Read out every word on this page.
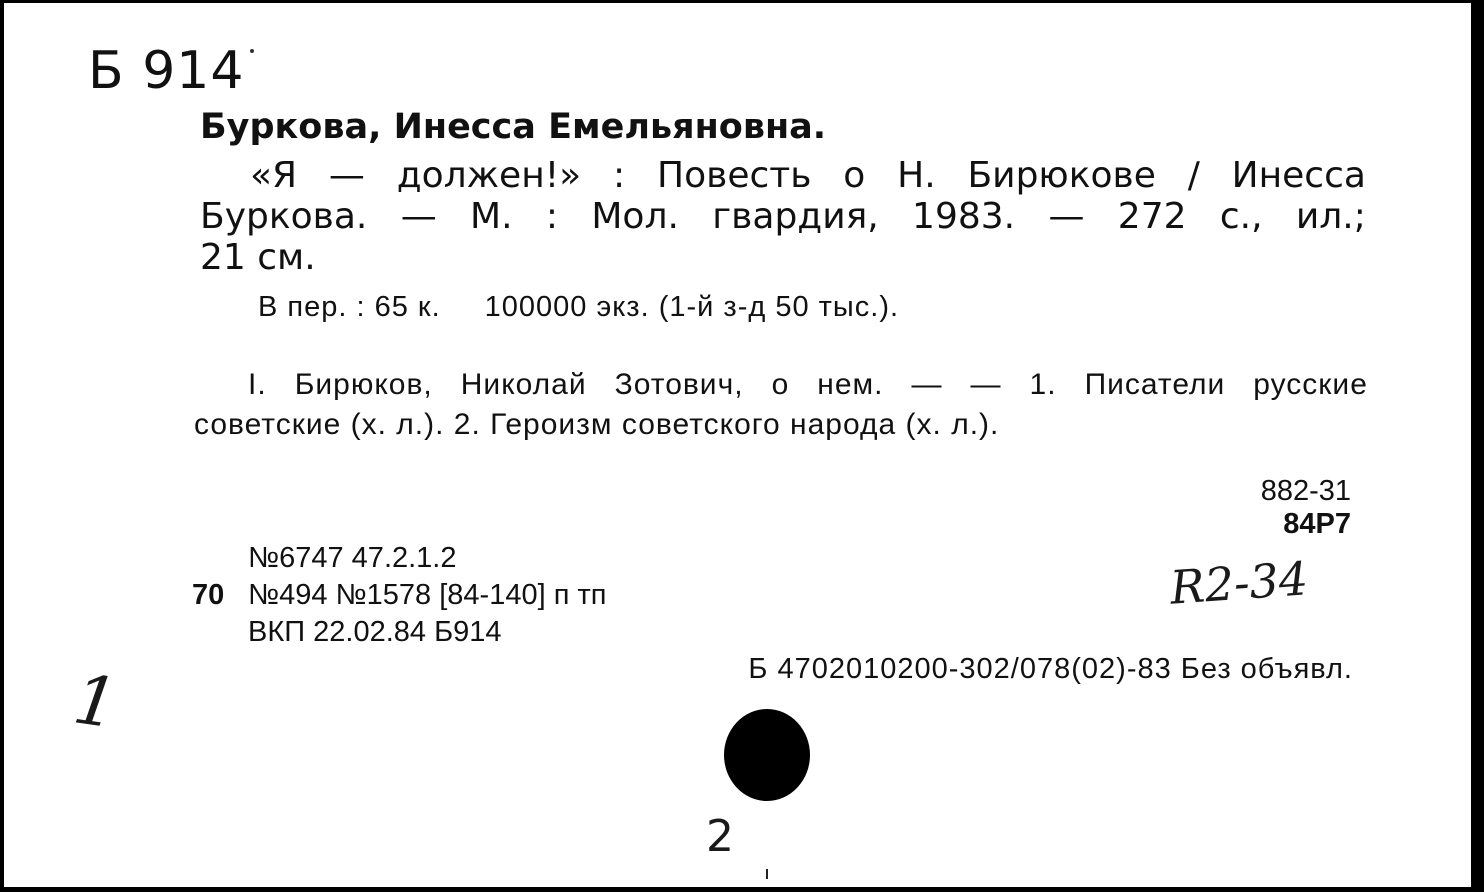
Б 914
Буркова, Инесса Емельяновна.
«Я — должен!» : Повесть о Н. Бирюкове / Инесса
Буркова. — М. : Мол. гвардия, 1983. — 272 с., ил.;
21 см.
В пер. : 65 к. 100000 экз. (1-й з-д 50 тыс.).
I. Бирюков, Николай Зотович, о нем. — — 1. Писатели русские
советские (х. л.). 2. Героизм советского народа (х. л.).
882-31
84Р7
№6747 47.2.1.2
70 №494 №1578 [84-140] п тп
ВКП 22.02.84 Б914
Б 4702010200-302/078(02)-83 Без объявл.
R2-34
1
2
